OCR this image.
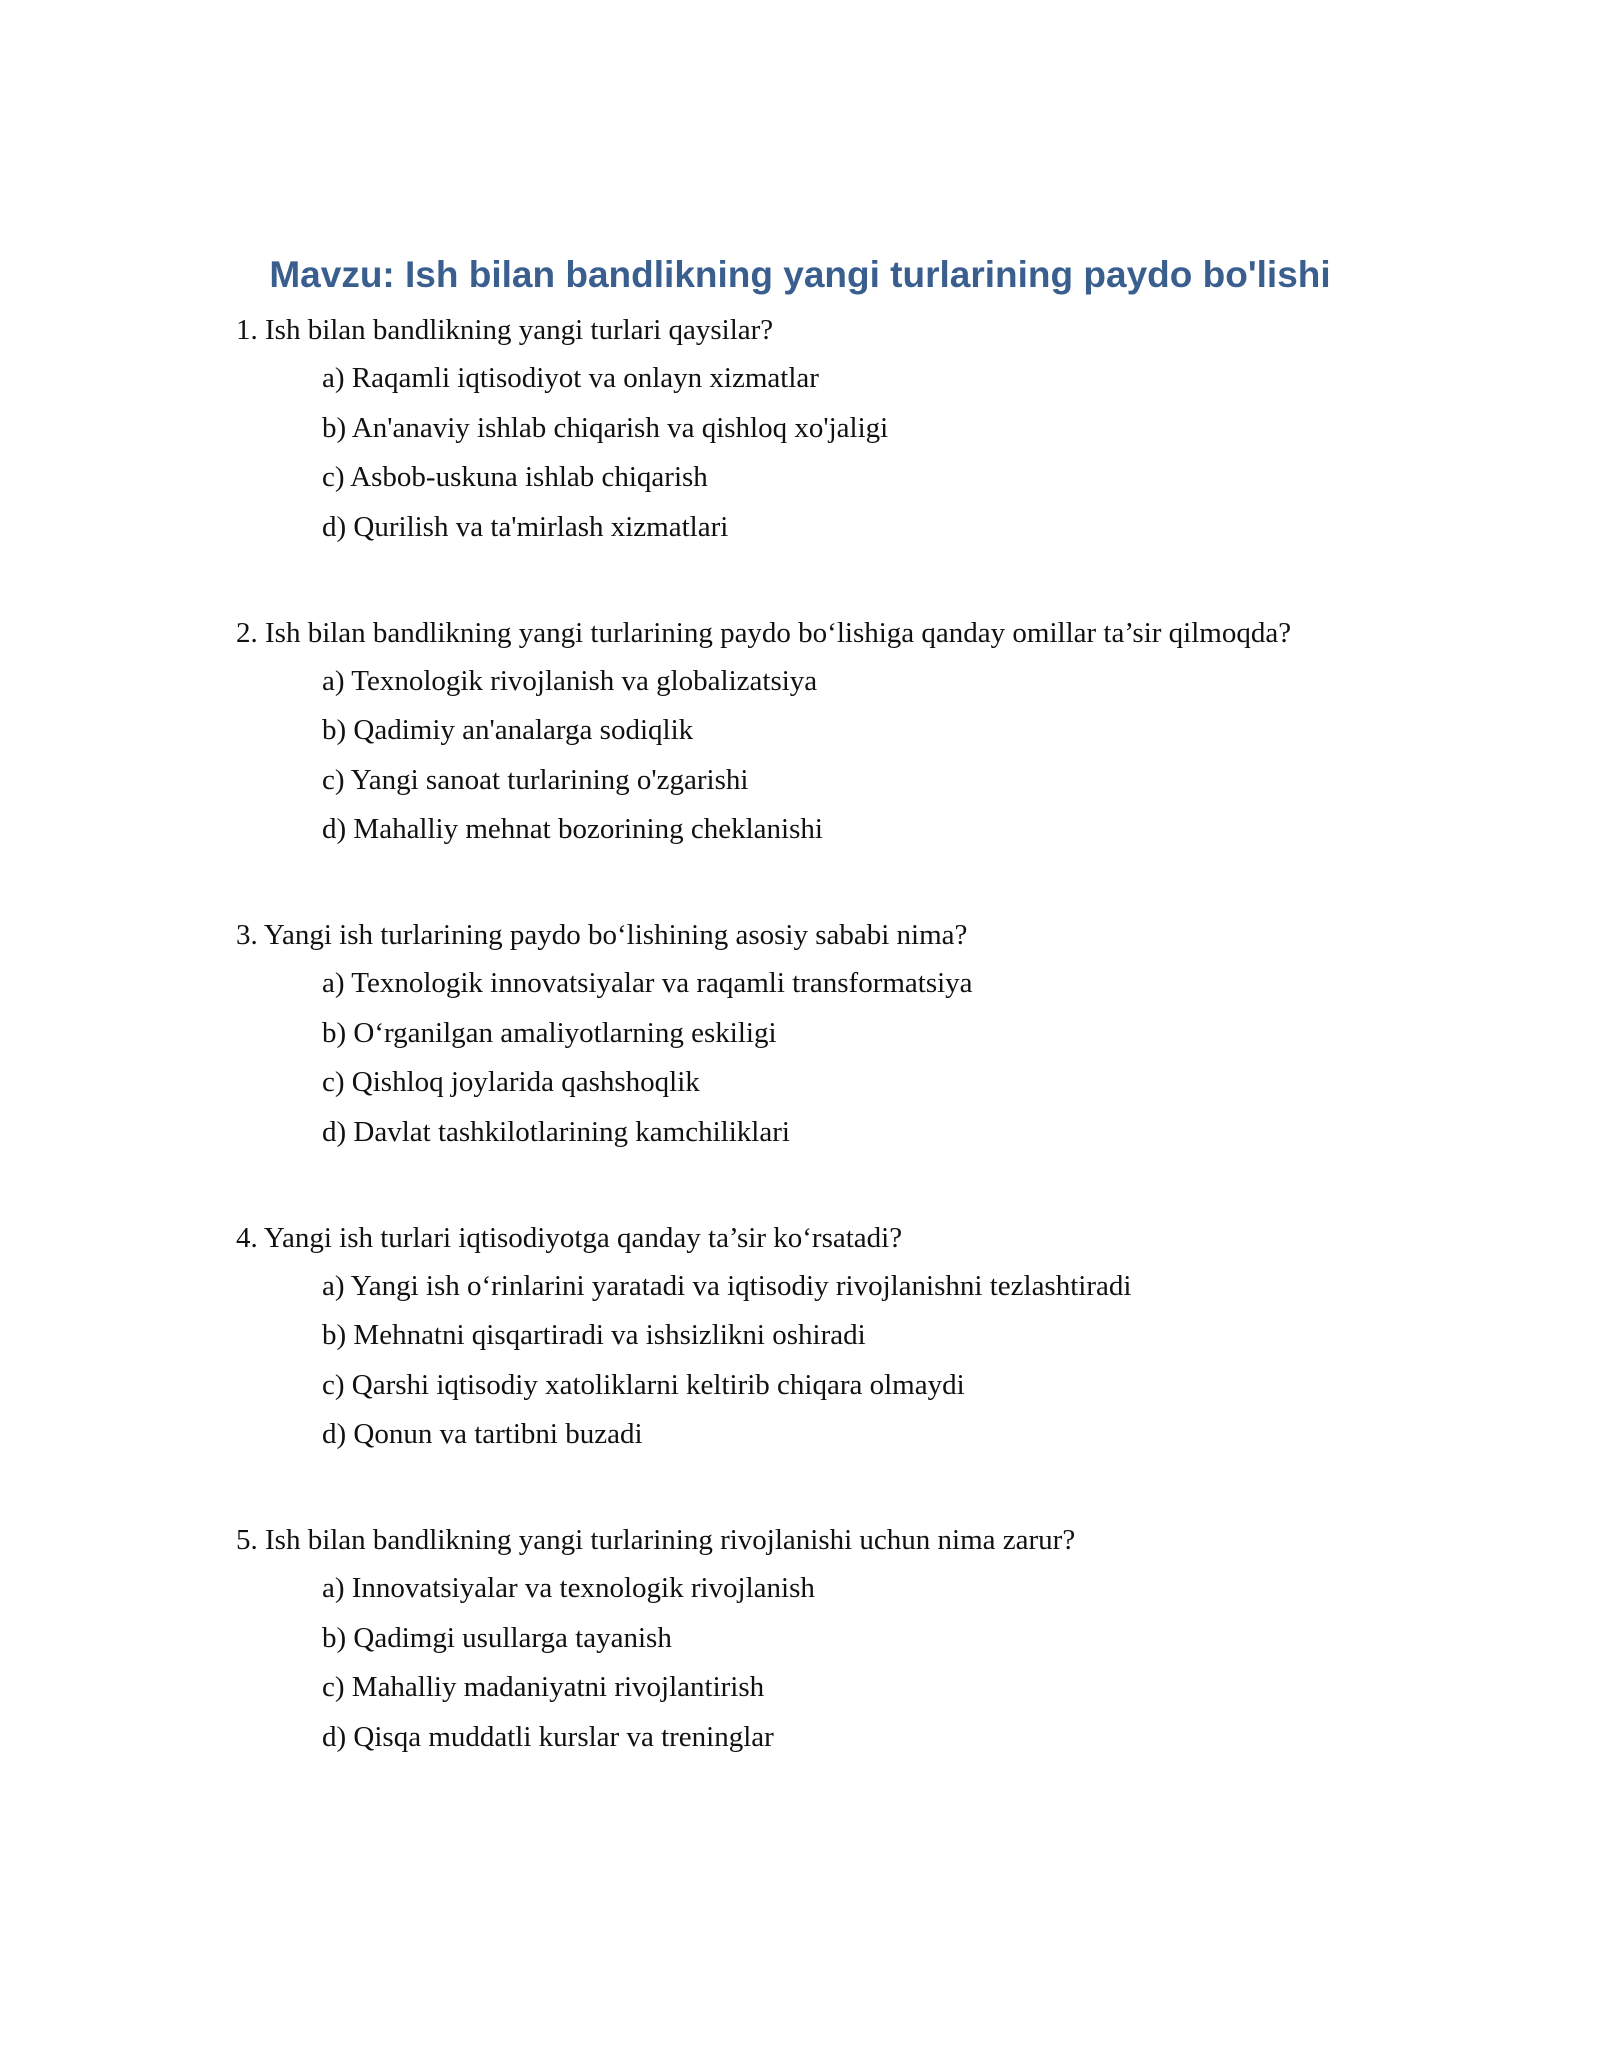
Mavzu: Ish bilan bandlikning yangi turlarining paydo bo'lishi

1. Ish bilan bandlikning yangi turlari qaysilar?

a) Raqamli iqtisodiyot va onlayn xizmatlar

b) An'anaviy ishlab chiqarish va qishloq xo'jaligi

c) Asbob-uskuna ishlab chiqarish

d) Qurilish va ta'mirlash xizmatlari

2. Ish bilan bandlikning yangi turlarining paydo bo‘lishiga qanday omillar ta’sir qilmoqda?

a) Texnologik rivojlanish va globalizatsiya

b) Qadimiy an'analarga sodiqlik

c) Yangi sanoat turlarining o'zgarishi

d) Mahalliy mehnat bozorining cheklanishi

3. Yangi ish turlarining paydo bo‘lishining asosiy sababi nima?

a) Texnologik innovatsiyalar va raqamli transformatsiya

b) O‘rganilgan amaliyotlarning eskiligi

c) Qishloq joylarida qashshoqlik

d) Davlat tashkilotlarining kamchiliklari

4. Yangi ish turlari iqtisodiyotga qanday ta’sir ko‘rsatadi?

a) Yangi ish o‘rinlarini yaratadi va iqtisodiy rivojlanishni tezlashtiradi

b) Mehnatni qisqartiradi va ishsizlikni oshiradi

c) Qarshi iqtisodiy xatoliklarni keltirib chiqara olmaydi

d) Qonun va tartibni buzadi

5. Ish bilan bandlikning yangi turlarining rivojlanishi uchun nima zarur?

a) Innovatsiyalar va texnologik rivojlanish

b) Qadimgi usullarga tayanish

c) Mahalliy madaniyatni rivojlantirish

d) Qisqa muddatli kurslar va treninglar
